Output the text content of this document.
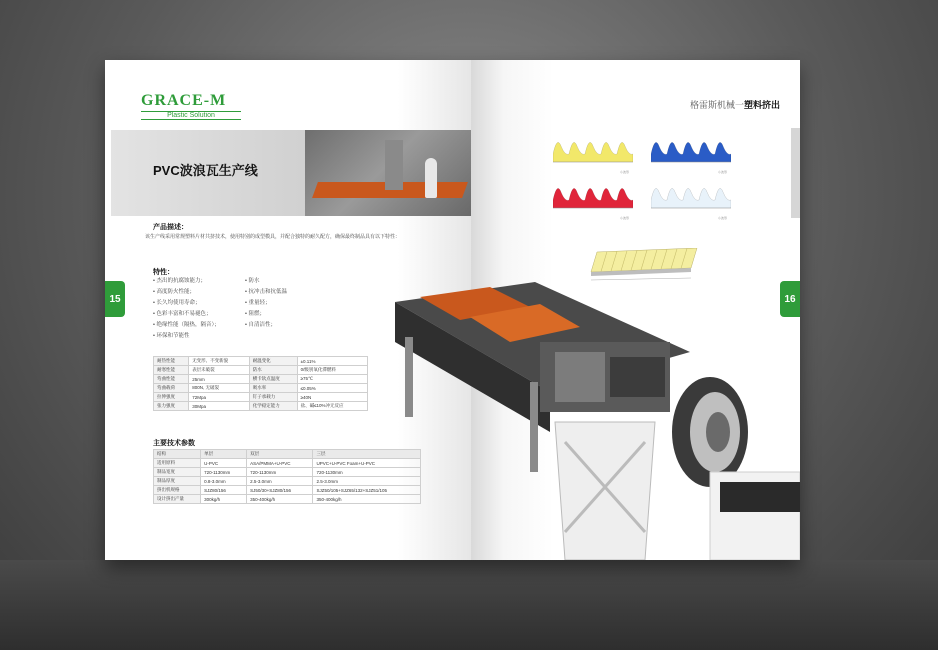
GRACE-M
Plastic Solution
PVC波浪瓦生产线
产品描述：
该生产线采用常规塑料片材共挤技术，使用特别的成型模具，并配合独特的耐久配方，确保最终制品具有以下特性：
特性：
• 杰出的抗腐蚀能力；
• 高度防火性能；
• 长久均使用寿命；
• 色彩丰富和不易褪色；
• 绝缘性能（隔热，隔音）；
• 环保和节能性
• 防水
• 抗冲击和抗低温
• 重量轻；
• 阻燃；
• 自清洁性；
耐热性能	无变形、不变新貌	耐温变化	±0.11%
耐寒性能	表层未破裂	防水	0/级别氧化滞燃料
弯曲性能	25mm	横卡软点温度	≥75℃
弯曲载荷	800N, 无破裂	吸水率	≤0.05%
拉伸强度	72Mpa	钉子承载力	≥40N
张力强度	30Mpa	化学稳定能力	盐、碱≤10%冲无反应
主要技术参数
结构	单层	双层	三层
适用原料	U-PVC	ASA/PMMA+U-PVC	UPVC+U-PVC Foam+U-PVC
制品宽度	720-1130mm	720-1130mm	720-1130mm
制品厚度	0.8-3.0mm	2.5-3.0mm	2.5-3.0mm
挤出机规格	SJZ80/156	SJ50/30+SJZ80/156	SJZ50/105+SJZ65/132+SJZ51/105
设计挤出产量	300kg/h	350-400kg/h	350-400kg/h
15
格雷斯机械一塑料挤出
小波形	小波形
小波形	小波形
16
